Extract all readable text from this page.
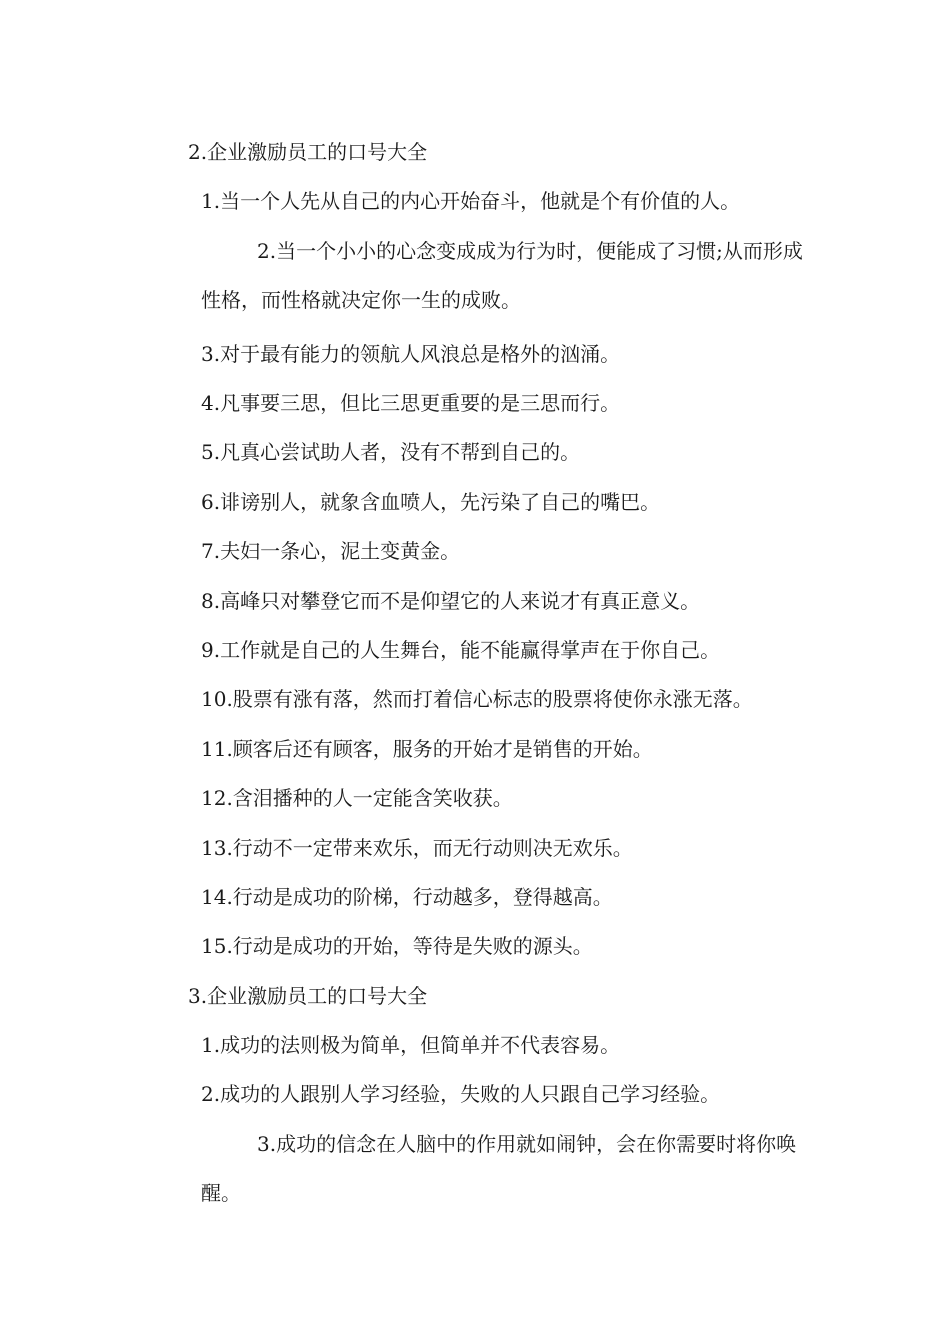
2.企业激励员工的口号大全
1.当一个人先从自己的内心开始奋斗，他就是个有价值的人。
2.当一个小小的心念变成成为行为时，便能成了习惯;从而形成性格，而性格就决定你一生的成败。
3.对于最有能力的领航人风浪总是格外的汹涌。
4.凡事要三思，但比三思更重要的是三思而行。
5.凡真心尝试助人者，没有不帮到自己的。
6.诽谤别人，就象含血喷人，先污染了自己的嘴巴。
7.夫妇一条心，泥土变黄金。
8.高峰只对攀登它而不是仰望它的人来说才有真正意义。
9.工作就是自己的人生舞台，能不能赢得掌声在于你自己。
10.股票有涨有落，然而打着信心标志的股票将使你永涨无落。
11.顾客后还有顾客，服务的开始才是销售的开始。
12.含泪播种的人一定能含笑收获。
13.行动不一定带来欢乐，而无行动则决无欢乐。
14.行动是成功的阶梯，行动越多，登得越高。
15.行动是成功的开始，等待是失败的源头。
3.企业激励员工的口号大全
1.成功的法则极为简单，但简单并不代表容易。
2.成功的人跟别人学习经验，失败的人只跟自己学习经验。
3.成功的信念在人脑中的作用就如闹钟，会在你需要时将你唤醒。
